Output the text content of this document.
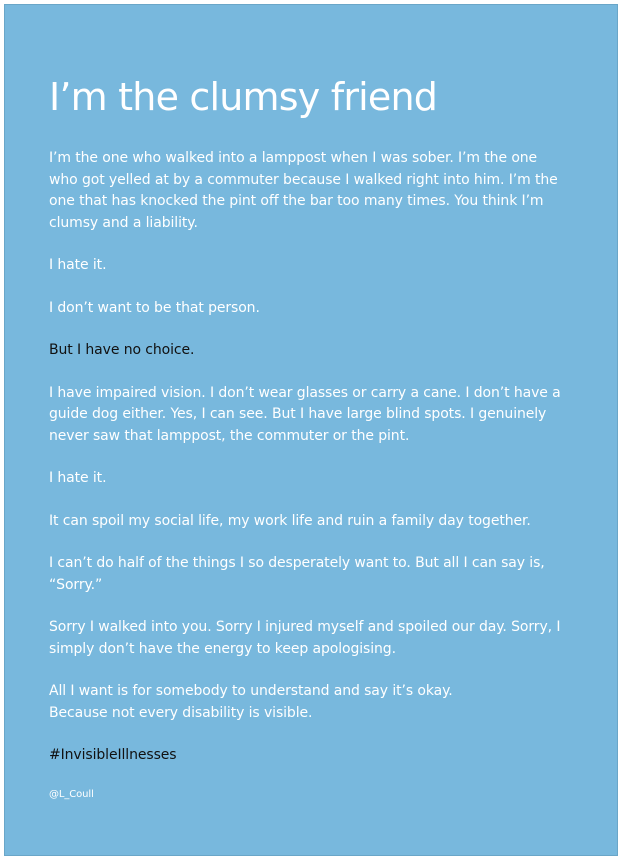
I’m the clumsy friend

I’m the one who walked into a lamppost when I was sober. I’m the one
who got yelled at by a commuter because I walked right into him. I’m the
one that has knocked the pint off the bar too many times. You think I’m
clumsy and a liability.

I hate it.

I don’t want to be that person.

But I have no choice.

I have impaired vision. I don’t wear glasses or carry a cane. I don’t have a
guide dog either. Yes, I can see. But I have large blind spots. I genuinely
never saw that lamppost, the commuter or the pint.

I hate it.

It can spoil my social life, my work life and ruin a family day together.

I can’t do half of the things I so desperately want to. But all I can say is,
“Sorry.”

Sorry I walked into you. Sorry I injured myself and spoiled our day. Sorry, I
simply don’t have the energy to keep apologising.

All I want is for somebody to understand and say it’s okay.
Because not every disability is visible.

#InvisibleIllnesses

@L_Coull
